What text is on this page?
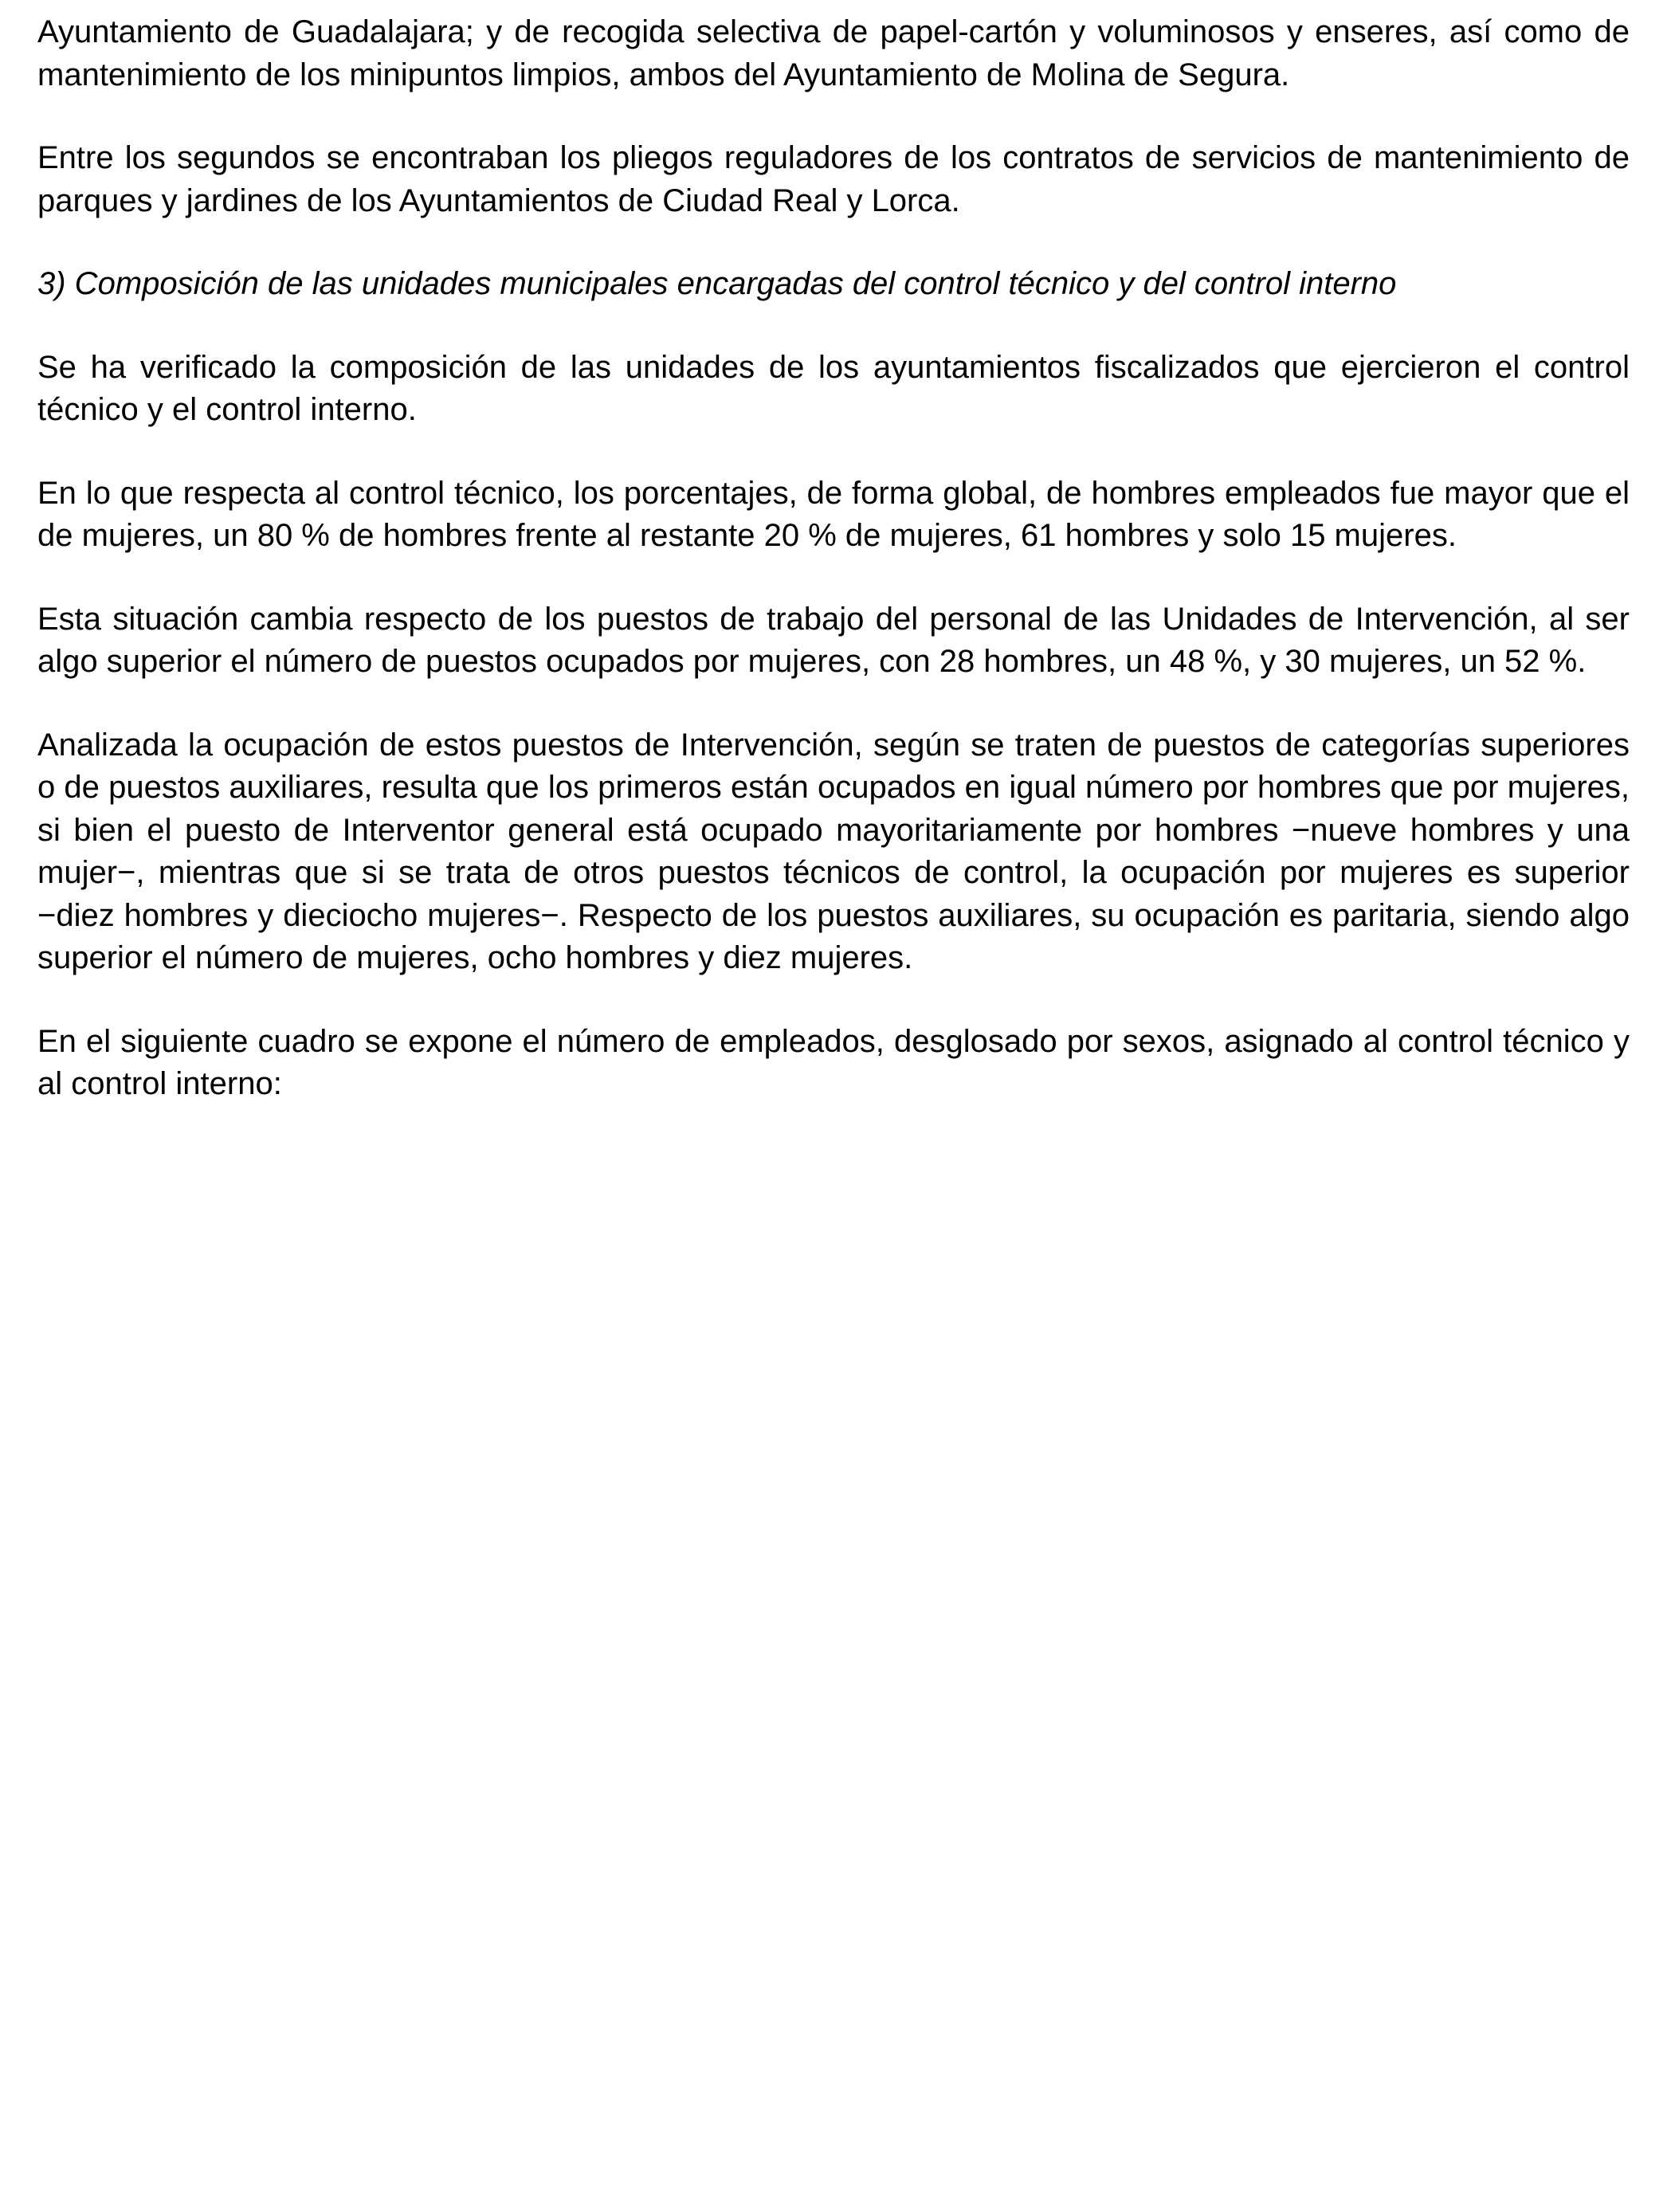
Ayuntamiento de Guadalajara; y de recogida selectiva de papel-cartón y voluminosos y enseres, así como de mantenimiento de los minipuntos limpios, ambos del Ayuntamiento de Molina de Segura.

Entre los segundos se encontraban los pliegos reguladores de los contratos de servicios de mantenimiento de parques y jardines de los Ayuntamientos de Ciudad Real y Lorca.

3) Composición de las unidades municipales encargadas del control técnico y del control interno

Se ha verificado la composición de las unidades de los ayuntamientos fiscalizados que ejercieron el control técnico y el control interno.

En lo que respecta al control técnico, los porcentajes, de forma global, de hombres empleados fue mayor que el de mujeres, un 80 % de hombres frente al restante 20 % de mujeres, 61 hombres y solo 15 mujeres.

Esta situación cambia respecto de los puestos de trabajo del personal de las Unidades de Intervención, al ser algo superior el número de puestos ocupados por mujeres, con 28 hombres, un 48 %, y 30 mujeres, un 52 %.

Analizada la ocupación de estos puestos de Intervención, según se traten de puestos de categorías superiores o de puestos auxiliares, resulta que los primeros están ocupados en igual número por hombres que por mujeres, si bien el puesto de Interventor general está ocupado mayoritariamente por hombres −nueve hombres y una mujer−, mientras que si se trata de otros puestos técnicos de control, la ocupación por mujeres es superior −diez hombres y dieciocho mujeres−. Respecto de los puestos auxiliares, su ocupación es paritaria, siendo algo superior el número de mujeres, ocho hombres y diez mujeres.

En el siguiente cuadro se expone el número de empleados, desglosado por sexos, asignado al control técnico y al control interno:
